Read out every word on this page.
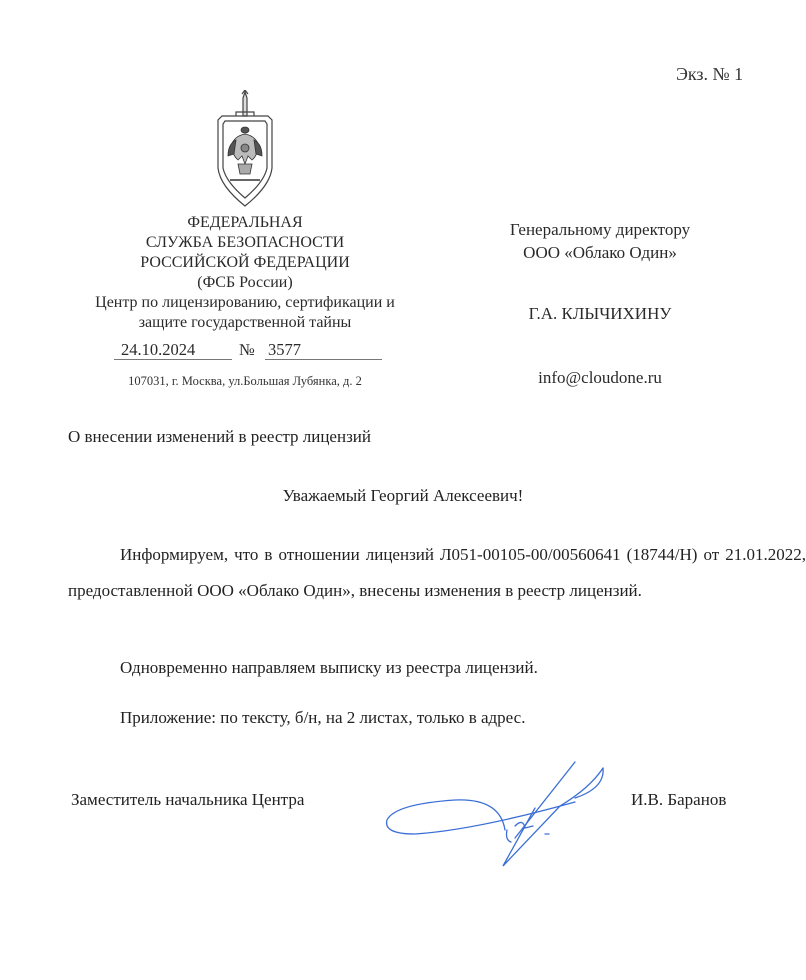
Экз. № 1
ФЕДЕРАЛЬНАЯ
СЛУЖБА БЕЗОПАСНОСТИ
РОССИЙСКОЙ ФЕДЕРАЦИИ
(ФСБ России)
Центр по лицензированию, сертификации и
защите государственной тайны
24.10.2024	№ 3577
107031, г. Москва, ул.Большая Лубянка, д. 2
Генеральному директору
ООО «Облако Один»
Г.А. КЛЫЧИХИНУ
info@cloudone.ru
О внесении изменений в реестр лицензий
Уважаемый Георгий Алексеевич!
Информируем, что в отношении лицензий Л051-00105-00/00560641 (18744/Н) от 21.01.2022, предоставленной ООО «Облако Один», внесены изменения в реестр лицензий.
Одновременно направляем выписку из реестра лицензий.
Приложение: по тексту, б/н, на 2 листах, только в адрес.
Заместитель начальника Центра	И.В. Баранов
